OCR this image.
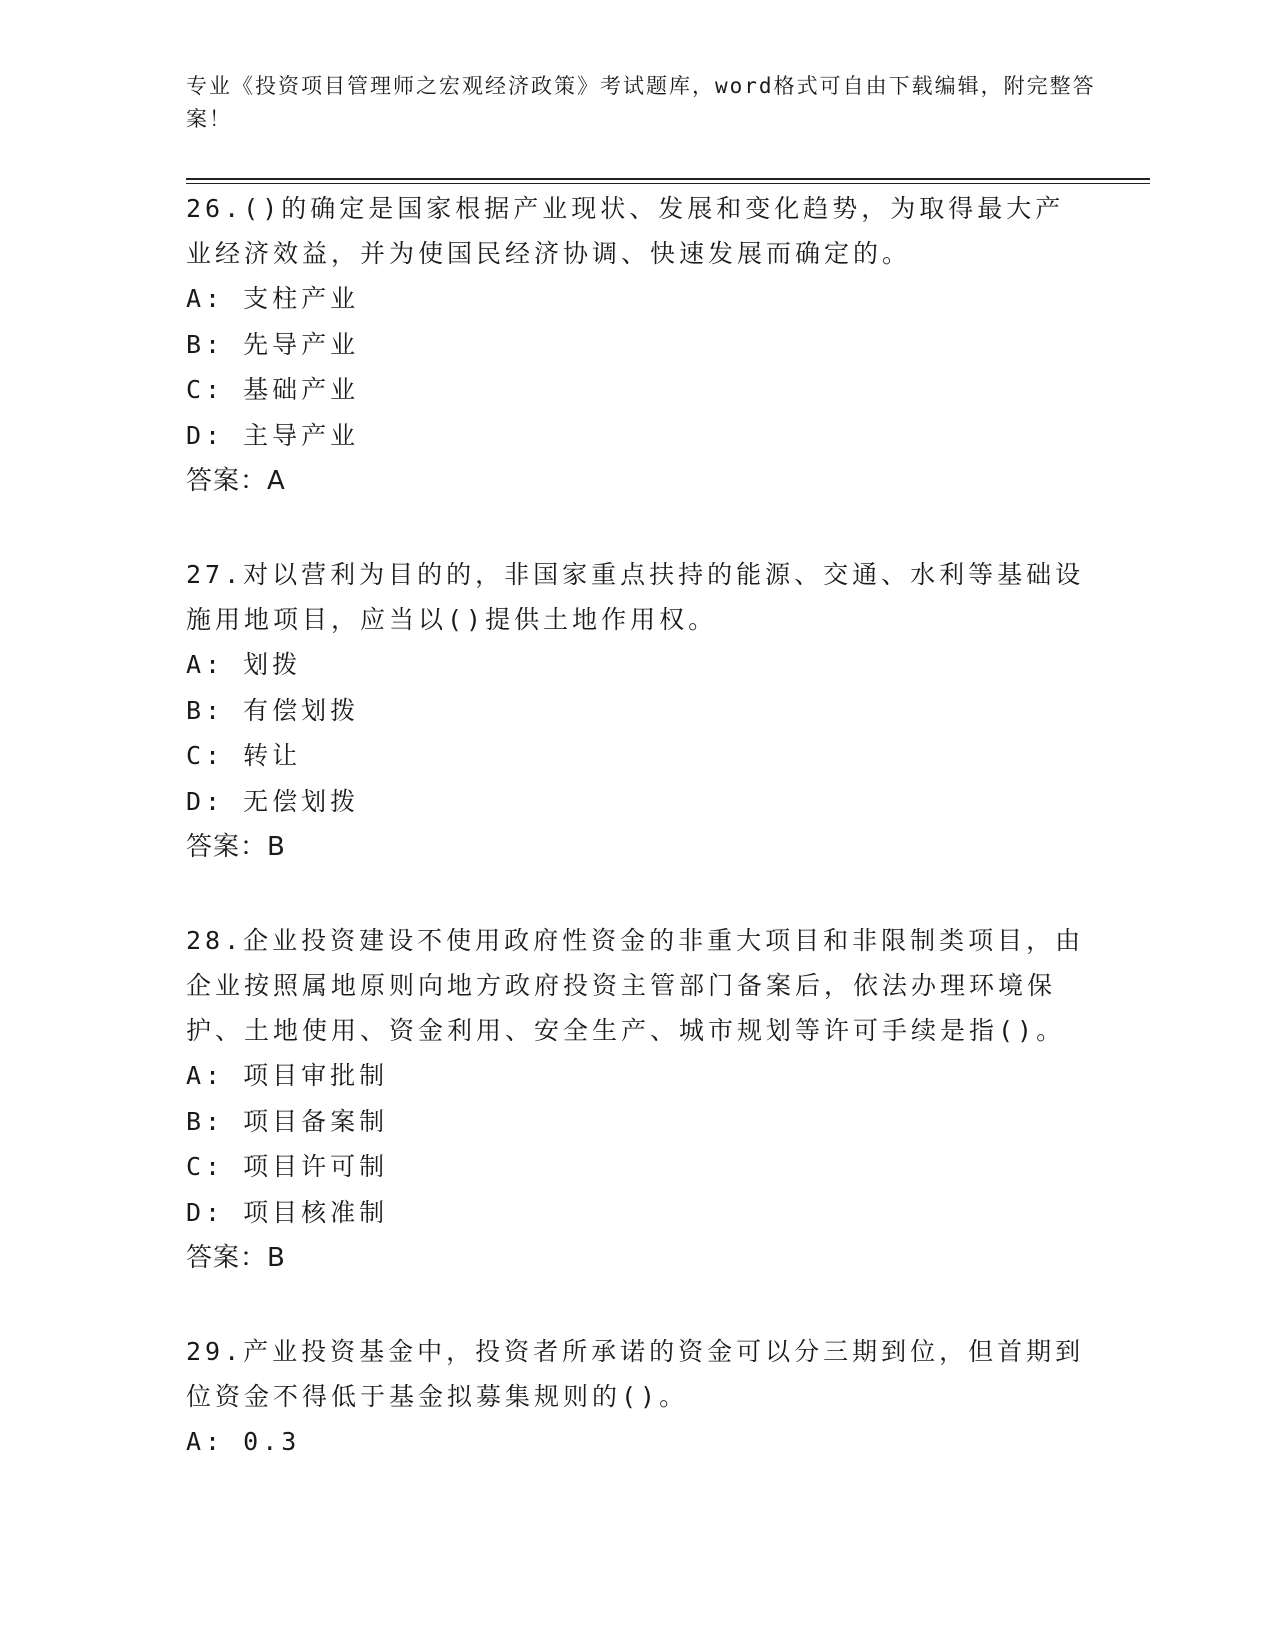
专业《投资项目管理师之宏观经济政策》考试题库，word格式可自由下载编辑，附完整答案！
26.()的确定是国家根据产业现状、发展和变化趋势，为取得最大产业经济效益，并为使国民经济协调、快速发展而确定的。
A: 支柱产业
B: 先导产业
C: 基础产业
D: 主导产业
答案：A
27.对以营利为目的的，非国家重点扶持的能源、交通、水利等基础设施用地项目，应当以()提供土地作用权。
A: 划拨
B: 有偿划拨
C: 转让
D: 无偿划拨
答案：B
28.企业投资建设不使用政府性资金的非重大项目和非限制类项目，由企业按照属地原则向地方政府投资主管部门备案后，依法办理环境保护、土地使用、资金利用、安全生产、城市规划等许可手续是指()。
A: 项目审批制
B: 项目备案制
C: 项目许可制
D: 项目核准制
答案：B
29.产业投资基金中，投资者所承诺的资金可以分三期到位，但首期到位资金不得低于基金拟募集规则的()。
A: 0.3
